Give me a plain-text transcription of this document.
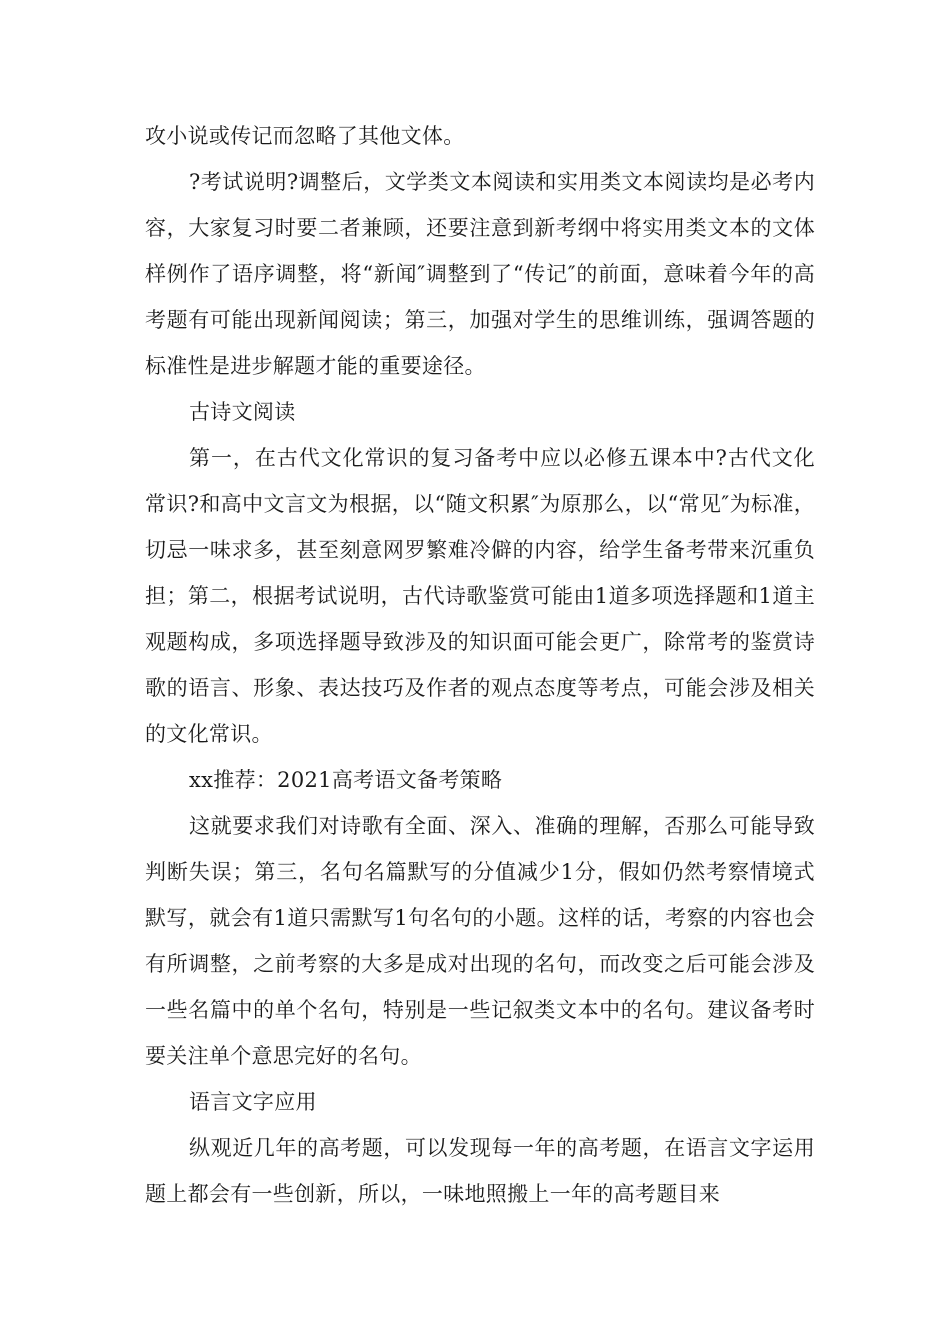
攻小说或传记而忽略了其他文体。

?考试说明?调整后，文学类文本阅读和实用类文本阅读均是必考内容，大家复习时要二者兼顾，还要注意到新考纲中将实用类文本的文体样例作了语序调整，将“新闻″调整到了“传记″的前面，意味着今年的高考题有可能出现新闻阅读；第三，加强对学生的思维训练，强调答题的标准性是进步解题才能的重要途径。

古诗文阅读

第一，在古代文化常识的复习备考中应以必修五课本中?古代文化常识?和高中文言文为根据，以“随文积累″为原那么，以“常见″为标准，切忌一味求多，甚至刻意网罗繁难冷僻的内容，给学生备考带来沉重负担；第二，根据考试说明，古代诗歌鉴赏可能由1道多项选择题和1道主观题构成，多项选择题导致涉及的知识面可能会更广，除常考的鉴赏诗歌的语言、形象、表达技巧及作者的观点态度等考点，可能会涉及相关的文化常识。

xx推荐：2021高考语文备考策略

这就要求我们对诗歌有全面、深入、准确的理解，否那么可能导致判断失误；第三，名句名篇默写的分值减少1分，假如仍然考察情境式默写，就会有1道只需默写1句名句的小题。这样的话，考察的内容也会有所调整，之前考察的大多是成对出现的名句，而改变之后可能会涉及一些名篇中的单个名句，特别是一些记叙类文本中的名句。建议备考时要关注单个意思完好的名句。

语言文字应用

纵观近几年的高考题，可以发现每一年的高考题，在语言文字运用题上都会有一些创新，所以，一味地照搬上一年的高考题目来
